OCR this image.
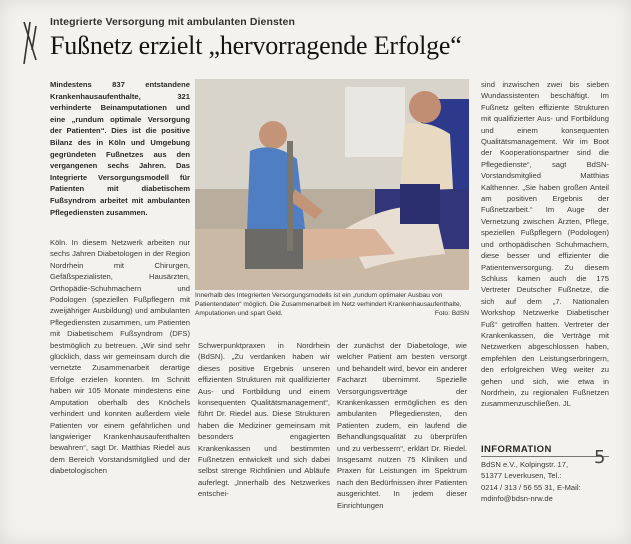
Integrierte Versorgung mit ambulanten Diensten
Fußnetz erzielt „hervorragende Erfolge“
Mindestens 837 entstandene Krankenhausaufenthalte, 321 verhinderte Beinamputationen und eine „rundum optimale Versorgung der Patienten“. Dies ist die positive Bilanz des in Köln und Umgebung gegründeten Fußnetzes aus den vergangenen sechs Jahren. Das Integrierte Versorgungsmodell für Patienten mit diabetischem Fußsyndrom arbeitet mit ambulanten Pflegediensten zusammen.
Innerhalb des Integrierten Versorgungsmodells ist ein „rundum optimaler Ausbau von Patientendaten“ möglich. Die Zusammenarbeit im Netz verhindert Krankenhausaufenthalte, Amputationen und spart Geld.	Foto: BdSN
Köln. In diesem Netzwerk arbeiten nur sechs Jahren Diabetologen in der Region Nordrhein mit Chirurgen, Gefäßspezialisten, Hausärzten, Orthopädie-Schuhmachern und Podologen (speziellen Fußpflegern mit zweijähriger Ausbildung) und ambulanten Pflegediensten zusammen, um Patienten mit Diabetischem Fußsyndrom (DFS) bestmöglich zu betreuen. „Wir sind sehr glücklich, dass wir gemeinsam durch die vernetzte Zusammenarbeit derartige Erfolge erzielen konnten. Im Schnitt haben wir 105 Monate mindestens eine Amputation oberhalb des Knöchels verhindert und konnten außerdem viele Patienten vor einem gefährlichen und langwieriger Krankenhausaufenthalten bewahren“, sagt Dr. Matthias Riedel aus dem Bereich Vorstandsmitglied und der diabetologischen
Schwerpunktpraxen in Nordrhein (BdSN). „Zu verdanken haben wir dieses positive Ergebnis unseren effizienten Strukturen mit qualifizierter Aus- und Fortbildung und einem konsequenten Qualitätsmanagement“, führt Dr. Riedel aus. Diese Strukturen haben die Mediziner gemeinsam mit besonders engagierten Krankenkassen und bestimmten Fußnetzen entwickelt und sich dabei selbst strenge Richtlinien und Abläufe auferlegt. „Innerhalb des Netzwerkes entschei-
der zunächst der Diabetologe, wie welcher Patient am besten versorgt und behandelt wird, bevor ein anderer Facharzt übernimmt. Spezielle Versorgungsverträge der Krankenkassen ermöglichen es den ambulanten Pflegediensten, den Patienten zudem, ein laufend die Behandlungsqualität zu überprüfen und zu verbessern“, erklärt Dr. Riedel. Insgesamt nutzen 75 Kliniken und Praxen für Leistungen im Spektrum nach den Bedürfnissen ihrer Patienten ausgerichtet. In jedem dieser Einrichtungen
sind inzwischen zwei bis sieben Wundassistenten beschäftigt. Im Fußnetz gelten effiziente Strukturen mit qualifizierter Aus- und Fortbildung und einem konsequenten Qualitätsmanagement. Wir im Boot der Kooperationspartner sind die Pflegedienste“, sagt BdSN-Vorstandsmitglied Matthias Kalthenner. „Sie haben großen Anteil am positiven Ergebnis der Fußnetzarbeit.“ Im Auge der Vernetzung zwischen Ärzten, Pflege, speziellen Fußpflegern (Podologen) und orthopädischen Schuhmachern, diese besser und effizienter die Patientenversorgung. Zu diesem Schluss kamen auch die 175 Vertreter Deutscher Fußnetze, die sich auf dem „7. Nationalen Workshop Netzwerke Diabetischer Fuß“ getroffen hatten. Vertreter der Krankenkassen, die Verträge mit Netzwerken abgeschlossen haben, empfehlen den Leistungserbringern, den erfolgreichen Weg weiter zu gehen und sich, wie etwa in Nordrhein, zu regionalen Fußnetzen zusammenzuschließen. JL
INFORMATION
BdSN e.V., Kolpingstr. 17,
51377 Leverkusen, Tel.:
0214 / 313 / 56 55 31, E-Mail:
mdinfo@bdsn-nrw.de
5
